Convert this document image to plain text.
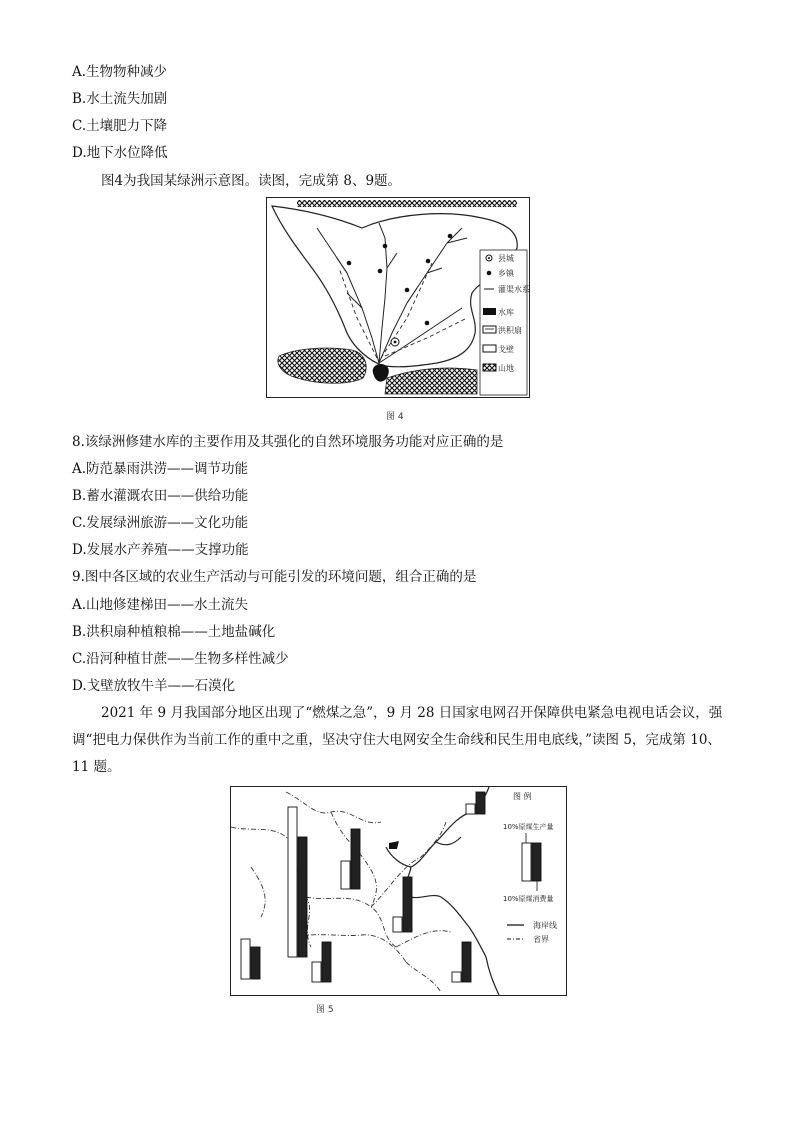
A.生物物种减少
B.水土流失加剧
C.土壤肥力下降
D.地下水位降低
图4为我国某绿洲示意图。读图，完成第 8、9题。
县城
乡镇
灌渠水系
水库
洪积扇
戈壁
山地
图 4
8.该绿洲修建水库的主要作用及其强化的自然环境服务功能对应正确的是
A.防范暴雨洪涝——调节功能
B.蓄水灌溉农田——供给功能
C.发展绿洲旅游——文化功能
D.发展水产养殖——支撑功能
9.图中各区域的农业生产活动与可能引发的环境问题，组合正确的是
A.山地修建梯田——水土流失
B.洪积扇种植粮棉——土地盐碱化
C.沿河种植甘蔗——生物多样性减少
D.戈壁放牧牛羊——石漠化
2021 年 9 月我国部分地区出现了“燃煤之急”，9 月 28 日国家电网召开保障供电紧急电视电话会议，强调“把电力保供作为当前工作的重中之重，坚决守住大电网安全生命线和民生用电底线，”读图 5，完成第 10、11 题。
图 例
10%原煤生产量
10%原煤消费量
海岸线
省界
图 5
